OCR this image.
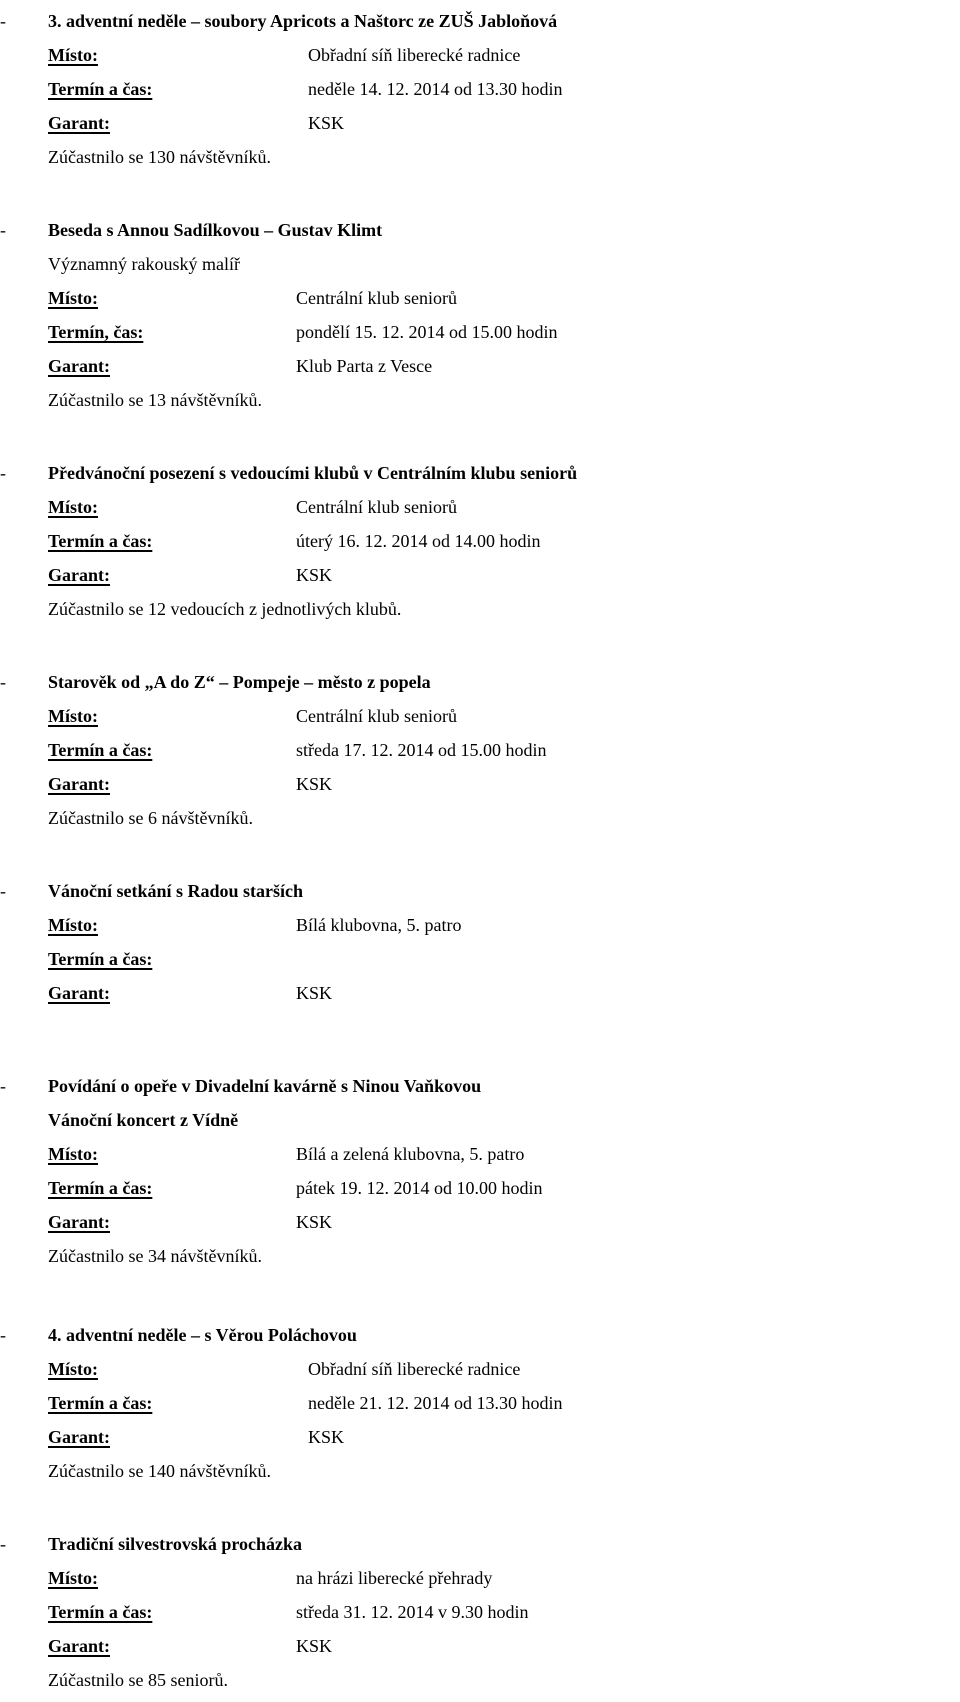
- 3. adventní neděle – soubory Apricots a Naštorc ze ZUŠ Jabloňová
Místo:	Obřadní síň liberecké radnice
Termín a čas:	neděle 14. 12. 2014 od 13.30 hodin
Garant:	KSK
Zúčastnilo se 130 návštěvníků.
- Beseda s Annou Sadílkovou – Gustav Klimt
Významný rakouský malíř
Místo:	Centrální klub seniorů
Termín, čas:	pondělí 15. 12. 2014 od 15.00 hodin
Garant:	Klub Parta z Vesce
Zúčastnilo se 13 návštěvníků.
- Předvánoční posezení s vedoucími klubů v Centrálním klubu seniorů
Místo:	Centrální klub seniorů
Termín a čas:	úterý 16. 12. 2014 od 14.00 hodin
Garant:	KSK
Zúčastnilo se 12 vedoucích z jednotlivých klubů.
- Starověk od „A do Z“ – Pompeje – město z popela
Místo:	Centrální klub seniorů
Termín a čas:	středa 17. 12. 2014 od 15.00 hodin
Garant:	KSK
Zúčastnilo se 6 návštěvníků.
- Vánoční setkání s Radou starších
Místo:	Bílá klubovna, 5. patro
Termín a čas:
Garant:	KSK
- Povídání o opeře v Divadelní kavárně s Ninou Vaňkovou
Vánoční koncert z Vídně
Místo:	Bílá a zelená klubovna, 5. patro
Termín a čas:	pátek 19. 12. 2014 od 10.00 hodin
Garant:	KSK
Zúčastnilo se 34 návštěvníků.
- 4. adventní neděle – s Věrou Poláchovou
Místo:	Obřadní síň liberecké radnice
Termín a čas:	neděle 21. 12. 2014 od 13.30 hodin
Garant:	KSK
Zúčastnilo se 140 návštěvníků.
- Tradiční silvestrovská procházka
Místo:	na hrázi liberecké přehrady
Termín a čas:	středa 31. 12. 2014 v 9.30 hodin
Garant:	KSK
Zúčastnilo se 85 seniorů.
